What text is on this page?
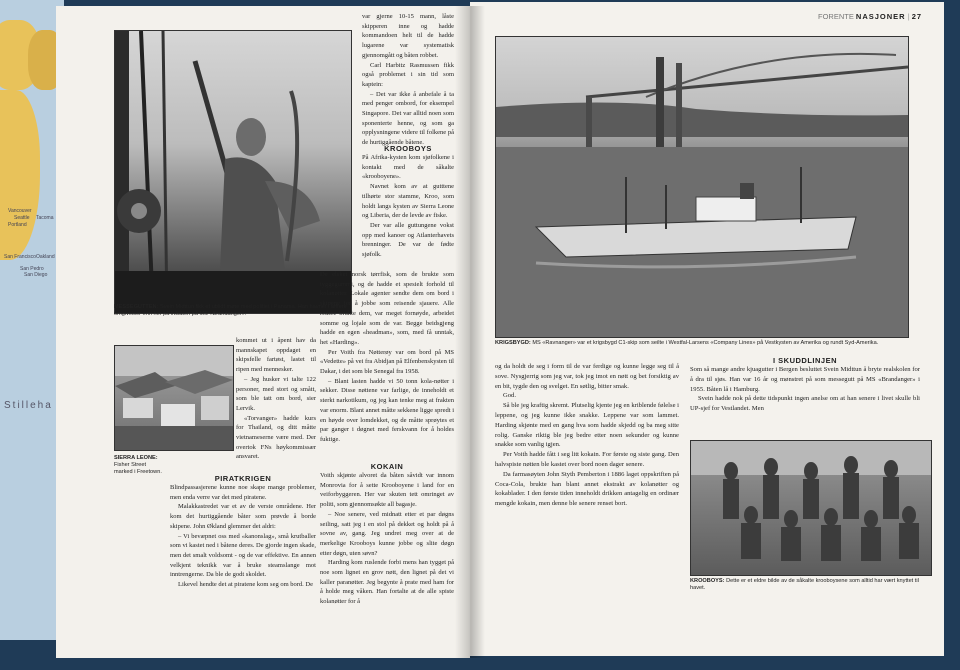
Vancouver
Seattle
Portland
Tacoma
San Francisco Oakland
San Pedro
San Diego
Stilleha
MESSEGUTTEN: Svein Midttun fikk et ublidt møte med politiet i Panama. Han havnet i tøffere omgivelser enn her på livbåten på MS «Brandanger».
SIERRA LEONE: Fisher Street marked i Freetown.

kommet ut i åpent hav da mannskapet oppdaget en skipsfelle fartøst, lastet til ripen med mennesker.

– Jeg husker vi talte 122 personer, med stort og smått, som ble tatt om bord, sier Lervik.

«Torvanger» hadde kurs for Thailand, og ditt måtte vietnameserne være med. Der overtok FNs høykommissær ansvaret.

PIRATKRIGEN

Blindpassasjerene kunne noe skape mange problemer, men enda verre var det med piratene.

Malakkastredet var et av de verste områdene. Her kom det hurtiggående båter som prøvde å borde skipene. John Økland glemmer det aldri:

– Vi bevæpnet oss med «kanonslag», små krutballer som vi kastet ned i båtene deres. De gjorde ingen skade, men det smalt voldsomt - og de var effektive. En annen velkjent teknikk var å bruke steamslange mot inntrengerne. Da ble de godt skoldet.

Likevel hendte det at piratene kom seg om bord. De

var gjerne 10-15 mann, låste skipperen inne og hadde kommandoen helt til de hadde lugarene var systematisk gjennomgått og båten robbet.

Carl Harbitz Rasmussen fikk også problemet i sin tid som kaptein:

– Det var ikke å anbefale å ta med penger ombord, for eksempel Singapore. Det var alltid noen som sponenterte henne, og som ga opplysningene videre til folkene på de hurtiggående båtene.

KROOBOYS

På Afrika-kysten kom sjøfolkene i kontakt med de såkalte «krooboyene».

Navnet kom av at gutttene tilhørte stor stamme, Kroo, som holdt langs kysten av Sierra Leone og Liberia, der de levde av fiske.

Der var alle guttungene vokst opp med kanoer og Atlanterhavets brenninger. De var de fødte sjøfolk.

De elsket norsk tørrfisk, som de brukte som tyggegummi, og de hadde et spesielt forhold til kolanøtter. Lokale agenter sendte dem om bord i skipene for å jobbe som reisende sjauere. Alle redere brukte dem, var meget fornøyde, arbeidet somme og lojale som de var. Begge beidsgjeng hadde en egen «headman», som, med få unntak, het «Harding».

Per Voith fra Nøtterøy var om bord på MS «Vedette» på vei fra Abidjan på Elfenbenskysten til Dakar, i det som ble Senegal fra 1958.

– Blant lasten hadde vi 50 tonn kola-nøtter i sekker. Disse nøttene var farlige, de inneholdt et sterkt narkotikum, og jeg kan tenke meg at frakten var enorm. Blant annet måtte sekkene ligge spredt i en høyde over lomdekket, og de måtte sprøytes et par ganger i døgnet med ferskvann for å holdes fuktige.

KOKAIN

Voith skjønte alvoret da båten såvidt var innom Monrovia for å sette Krooboyene i land for en veiforbyggeren. Her var skuten tett omringet av politi, som gjennomsøkte all bagasje.

– Noe senere, ved midnatt etter et par døgns seiling, satt jeg i en stol på dekket og holdt på å sovne av, gang. Jeg undret meg over at de merkelige Krooboys kunne jobbe og slite døgn etter døgn, uten søvn?

Harding kom ruslende forbi mens han tygget på noe som lignet en grov nøtt, den lignet på det vi kaller paranøtter. Jeg begynte å prate med ham for å holde meg våken. Han fortalte at de alle spiste kolanøtter for å

FORENTE NASJONER | 27
KRIGSBYGD: MS «Ravnanger» var et krigsbygd C1-skip som seilte i Westfal-Larsens «Company Lines» på Vestkysten av Amerika og rundt Syd-Amerika.

og da holdt de seg i form til de var ferdige og kunne legge seg til å sove. Nysgjerrig som jeg var, tok jeg imot en nøtt og bet forsiktig av en bit, tygde den og svelget. En søtlig, bitter smak.

God.

Så ble jeg kraftig skremt. Plutselig kjente jeg en kriblende følelse i leppene, og jeg kunne ikke snakke. Leppene var som lammet. Harding skjønte med en gang hva som hadde skjedd og ba meg sitte rolig. Ganske riktig ble jeg bedre etter noen sekunder og kunne snakke som vanlig igjen.

Per Voith hadde fått i seg litt kokain. For første og siste gang. Den halvspiste nøtten ble kastet over bord noen dager senere.

Da farmasøyten John Styth Pemberton i 1886 laget oppskriften på Coca-Cola, brukte han blant annet ekstrakt av kolanøtter og kokablader. I den første tiden inneholdt drikken antagelig en ordinær mengde kokain, men denne ble senere renset bort.

I SKUDDLINJEN

Som så mange andre kjuagutter i Bergen besluttet Svein Midttun å bryte realskolen for å dra til sjøs. Han var 16 år og mønstret på som messegutt på MS «Brandanger» i 1955. Båten lå i Hamburg.

Svein hadde nok på dette tidspunkt ingen anelse om at han senere i livet skulle bli UP-sjef for Vestlandet. Men

KROOBOYS: Dette er et eldre bilde av de såkalte krooboysene som alltid har vært knyttet til havet.
